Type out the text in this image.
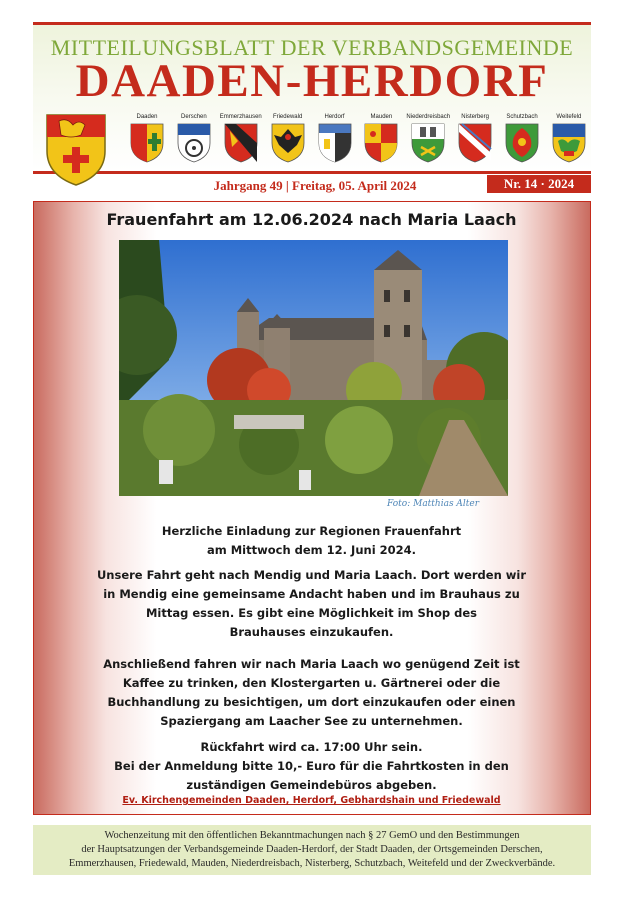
MITTEILUNGSBLATT DER VERBANDSGEMEINDE
DAADEN-HERDORF
Daaden	Derschen Emmerzhausen Friedewald	Herdorf	Mauden Niederdreisbach Nisterberg	Schutzbach	Weitefeld
Jahrgang 49 | Freitag, 05. April 2024	Nr. 14 · 2024
Frauenfahrt am 12.06.2024 nach Maria Laach
Foto: Matthias Alter
Herzliche Einladung zur Regionen Frauenfahrt
am Mittwoch dem 12. Juni 2024.
Unsere Fahrt geht nach Mendig und Maria Laach. Dort werden wir
in Mendig eine gemeinsame Andacht haben und im Brauhaus zu
Mittag essen. Es gibt eine Möglichkeit im Shop des
Brauhauses einzukaufen.
Anschließend fahren wir nach Maria Laach wo genügend Zeit ist
Kaffee zu trinken, den Klostergarten u. Gärtnerei oder die
Buchhandlung zu besichtigen, um dort einzukaufen oder einen
Spaziergang am Laacher See zu unternehmen.
Rückfahrt wird ca. 17:00 Uhr sein.
Bei der Anmeldung bitte 10,- Euro für die Fahrtkosten in den
zuständigen Gemeindebüros abgeben.
Ev. Kirchengemeinden Daaden, Herdorf, Gebhardshain und Friedewald
Wochenzeitung mit den öffentlichen Bekanntmachungen nach § 27 GemO und den Bestimmungen
der Hauptsatzungen der Verbandsgemeinde Daaden-Herdorf, der Stadt Daaden, der Ortsgemeinden Derschen,
Emmerzhausen, Friedewald, Mauden, Niederdreisbach, Nisterberg, Schutzbach, Weitefeld und der Zweckverbände.
